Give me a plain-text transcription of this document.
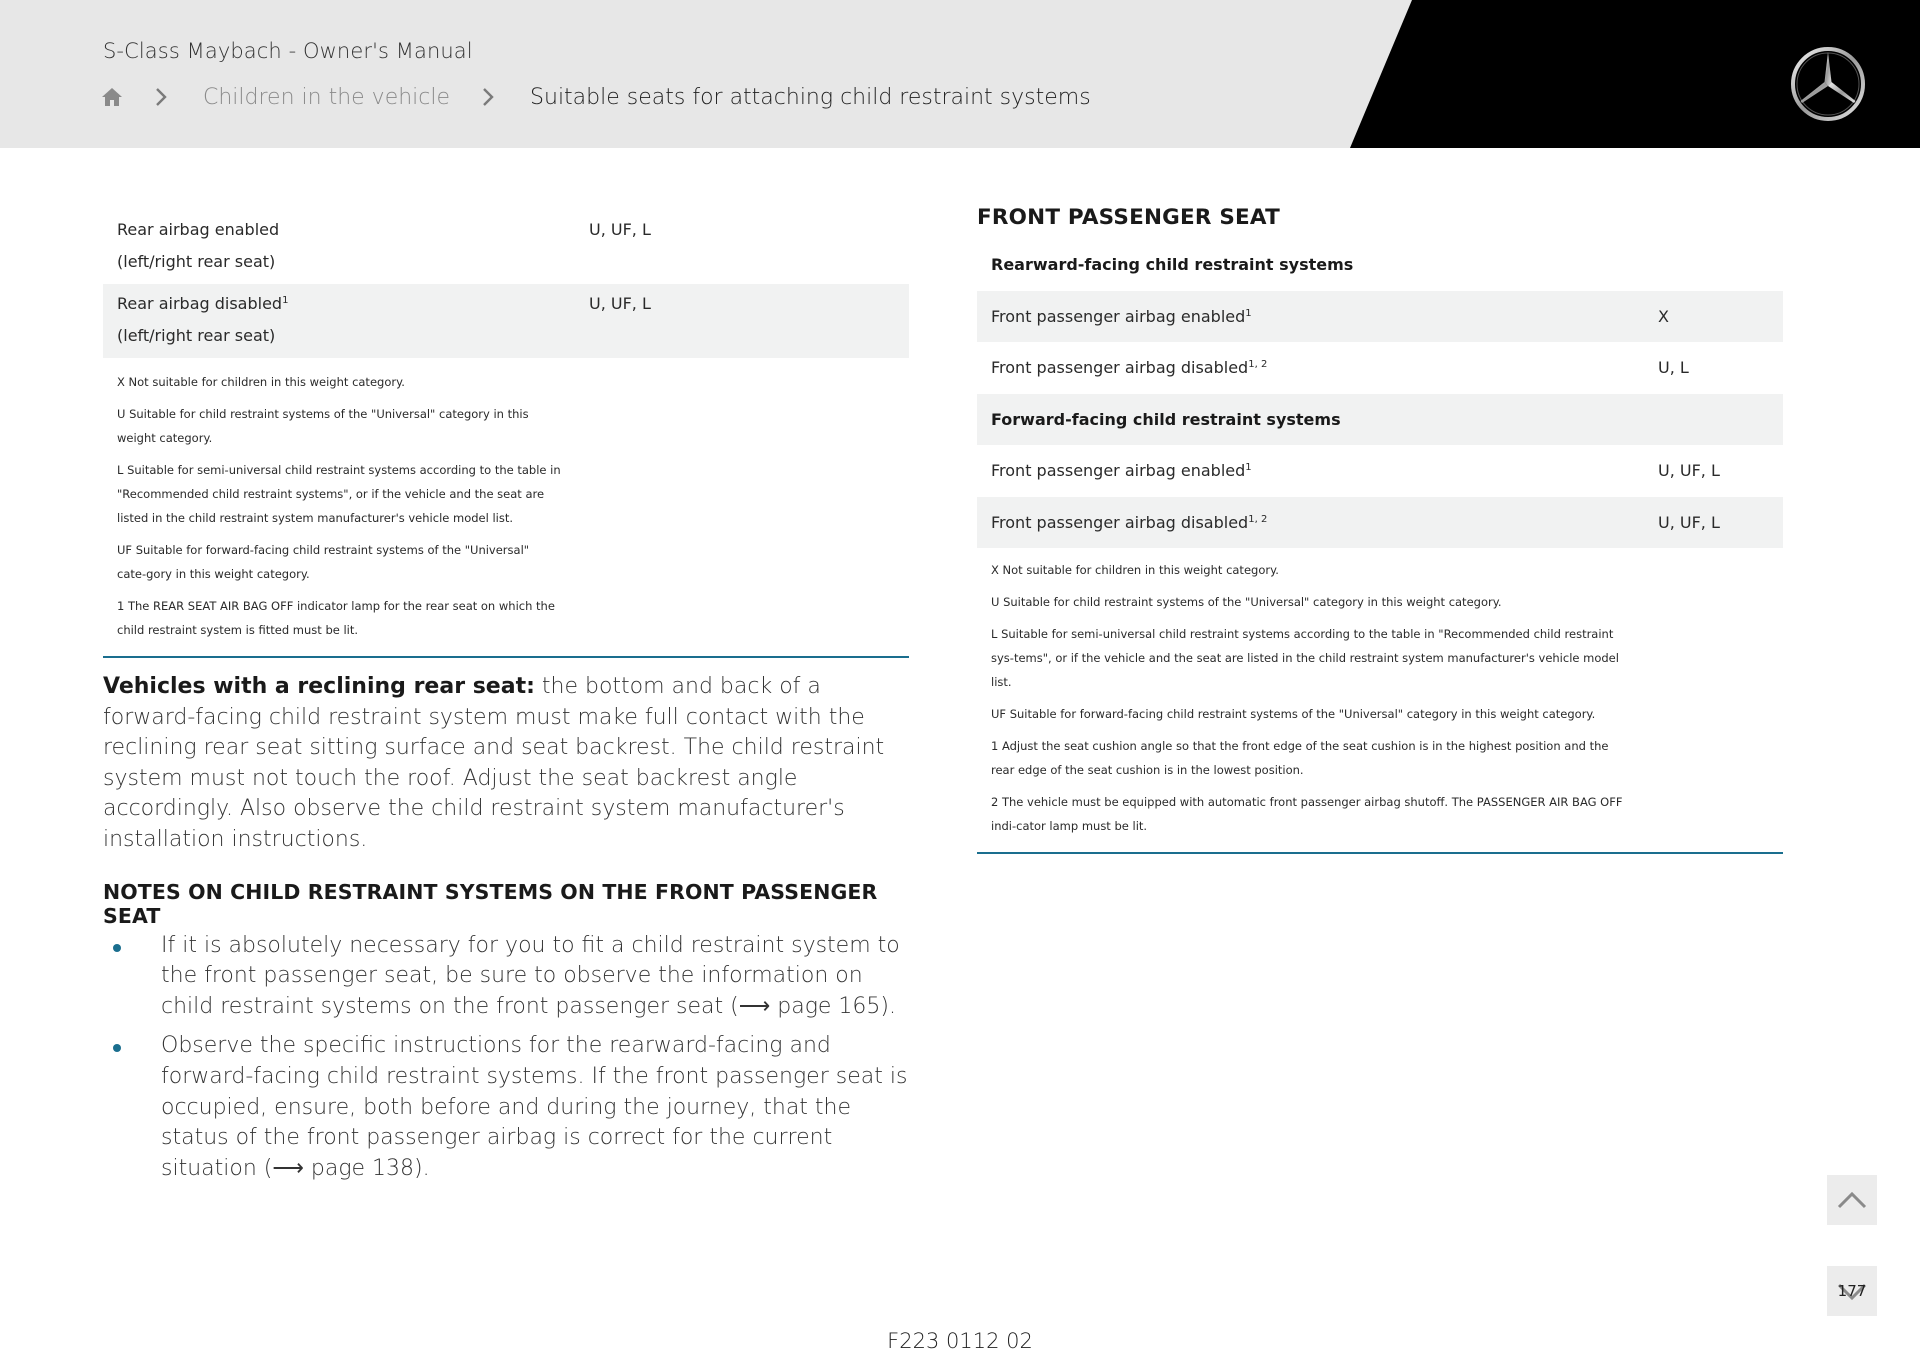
S-Class Maybach - Owner's Manual
Children in the vehicle	Suitable seats for attaching child restraint systems
Rear airbag enabled
(left/right rear seat)	U, UF, L
Rear airbag disabled$^1$
(left/right rear seat)	U, UF, L
X Not suitable for children in this weight category.
U Suitable for child restraint systems of the "Universal" category in this weight category.
L Suitable for semi-universal child restraint systems according to the table in "Recommended child restraint systems", or if the vehicle and the seat are listed in the child restraint system manufacturer's vehicle model list.
UF Suitable for forward-facing child restraint systems of the "Universal" cate-gory in this weight category.
1 The REAR SEAT AIR BAG OFF indicator lamp for the rear seat on which the child restraint system is fitted must be lit.

Vehicles with a reclining rear seat: the bottom and back of a forward-facing child restraint system must make full contact with the reclining rear seat sitting surface and seat backrest. The child restraint system must not touch the roof. Adjust the seat backrest angle accordingly. Also observe the child restraint system manufacturer's installation instructions.

NOTES ON CHILD RESTRAINT SYSTEMS ON THE FRONT PASSENGER SEAT
If it is absolutely necessary for you to fit a child restraint system to the front passenger seat, be sure to observe the information on child restraint systems on the front passenger seat (⟶ page 165).
Observe the specific instructions for the rearward-facing and forward-facing child restraint systems. If the front passenger seat is occupied, ensure, both before and during the journey, that the status of the front passenger airbag is correct for the current situation (⟶ page 138).
FRONT PASSENGER SEAT
Rearward-facing child restraint systems	
Front passenger airbag enabled$^1$	X
Front passenger airbag disabled$^{1, 2}$	U, L
Forward-facing child restraint systems	
Front passenger airbag enabled$^1$	U, UF, L
Front passenger airbag disabled$^{1, 2}$	U, UF, L
X Not suitable for children in this weight category.
U Suitable for child restraint systems of the "Universal" category in this weight category.
L Suitable for semi-universal child restraint systems according to the table in "Recommended child restraint sys-tems", or if the vehicle and the seat are listed in the child restraint system manufacturer's vehicle model list.
UF Suitable for forward-facing child restraint systems of the "Universal" category in this weight category.
1 Adjust the seat cushion angle so that the front edge of the seat cushion is in the highest position and the rear edge of the seat cushion is in the lowest position.
2 The vehicle must be equipped with automatic front passenger airbag shutoff. The PASSENGER AIR BAG OFF indi-cator lamp must be lit.
177
F223 0112 02
